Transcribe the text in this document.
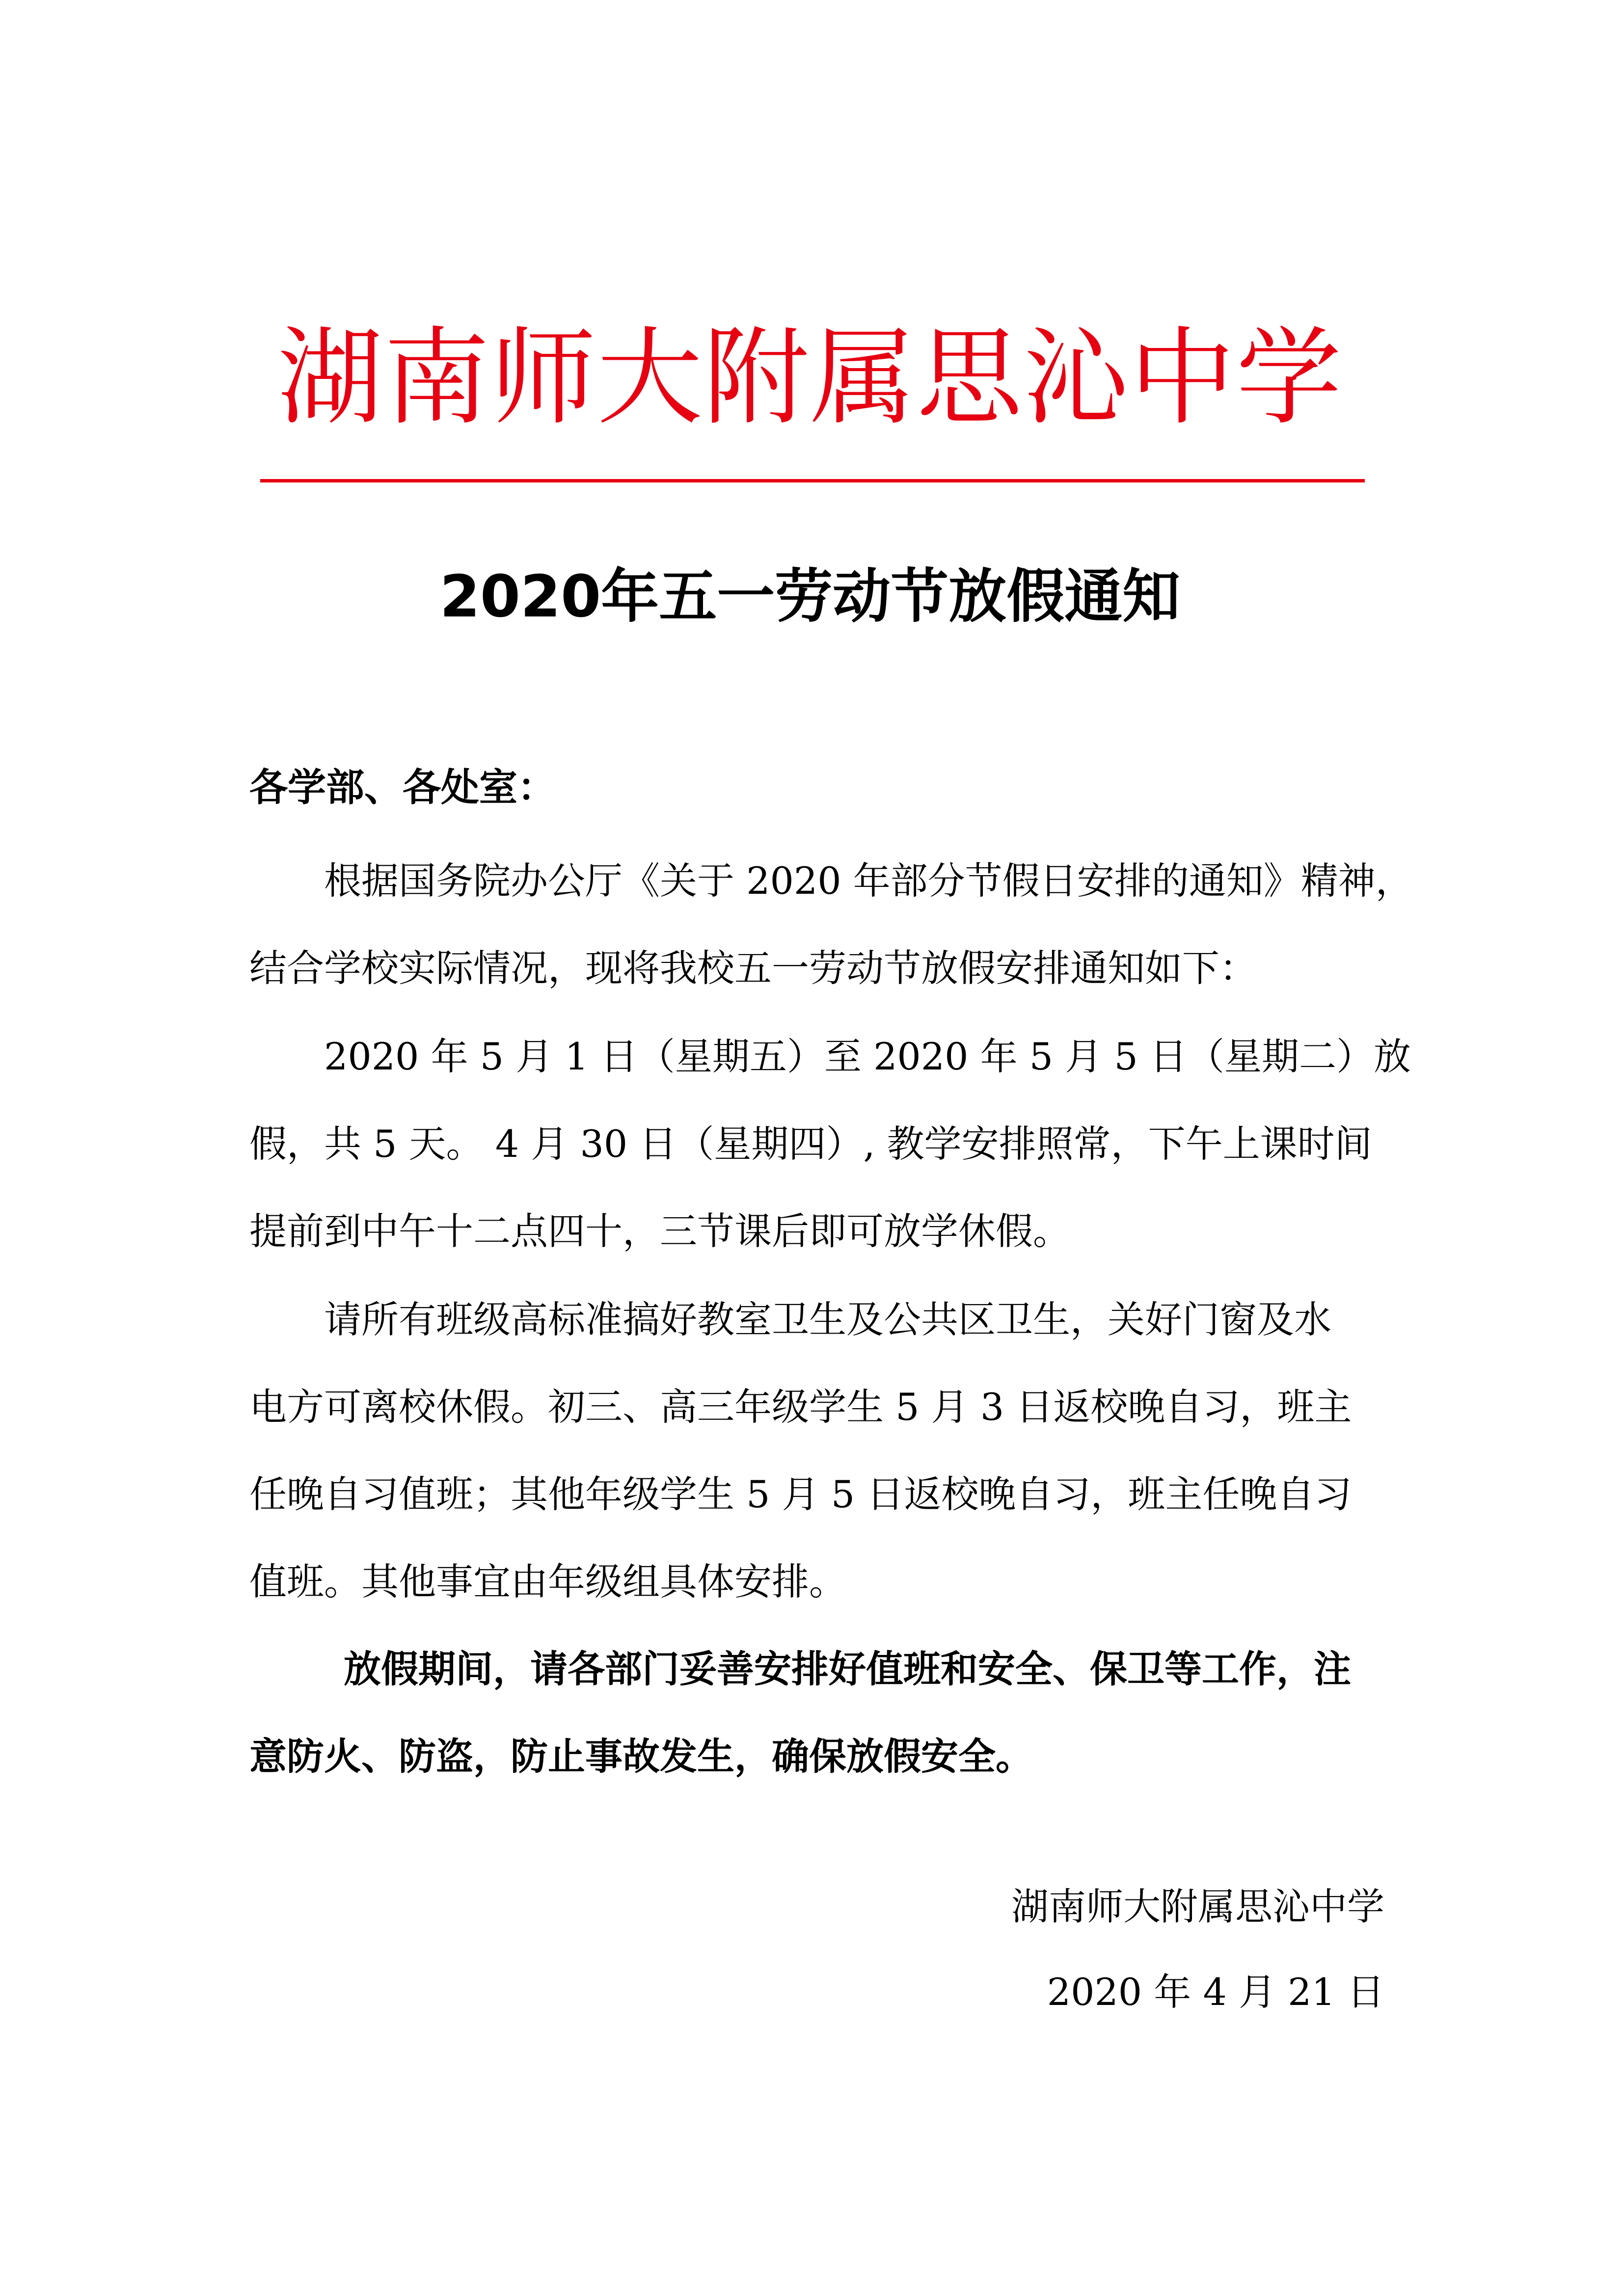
湖南师大附属思沁中学
2020年五一劳动节放假通知
各学部、各处室：
根据国务院办公厅《关于 2020 年部分节假日安排的通知》精神，
结合学校实际情况，现将我校五一劳动节放假安排通知如下：
2020 年 5 月 1 日（星期五）至 2020 年 5 月 5 日（星期二）放
假，共 5 天。 4 月 30 日（星期四）, 教学安排照常，下午上课时间
提前到中午十二点四十，三节课后即可放学休假。
请所有班级高标准搞好教室卫生及公共区卫生，关好门窗及水
电方可离校休假。初三、高三年级学生 5 月 3 日返校晚自习，班主
任晚自习值班；其他年级学生 5 月 5 日返校晚自习，班主任晚自习
值班。其他事宜由年级组具体安排。
放假期间，请各部门妥善安排好值班和安全、保卫等工作，注
意防火、防盗，防止事故发生，确保放假安全。
湖南师大附属思沁中学
2020 年 4 月 21 日
